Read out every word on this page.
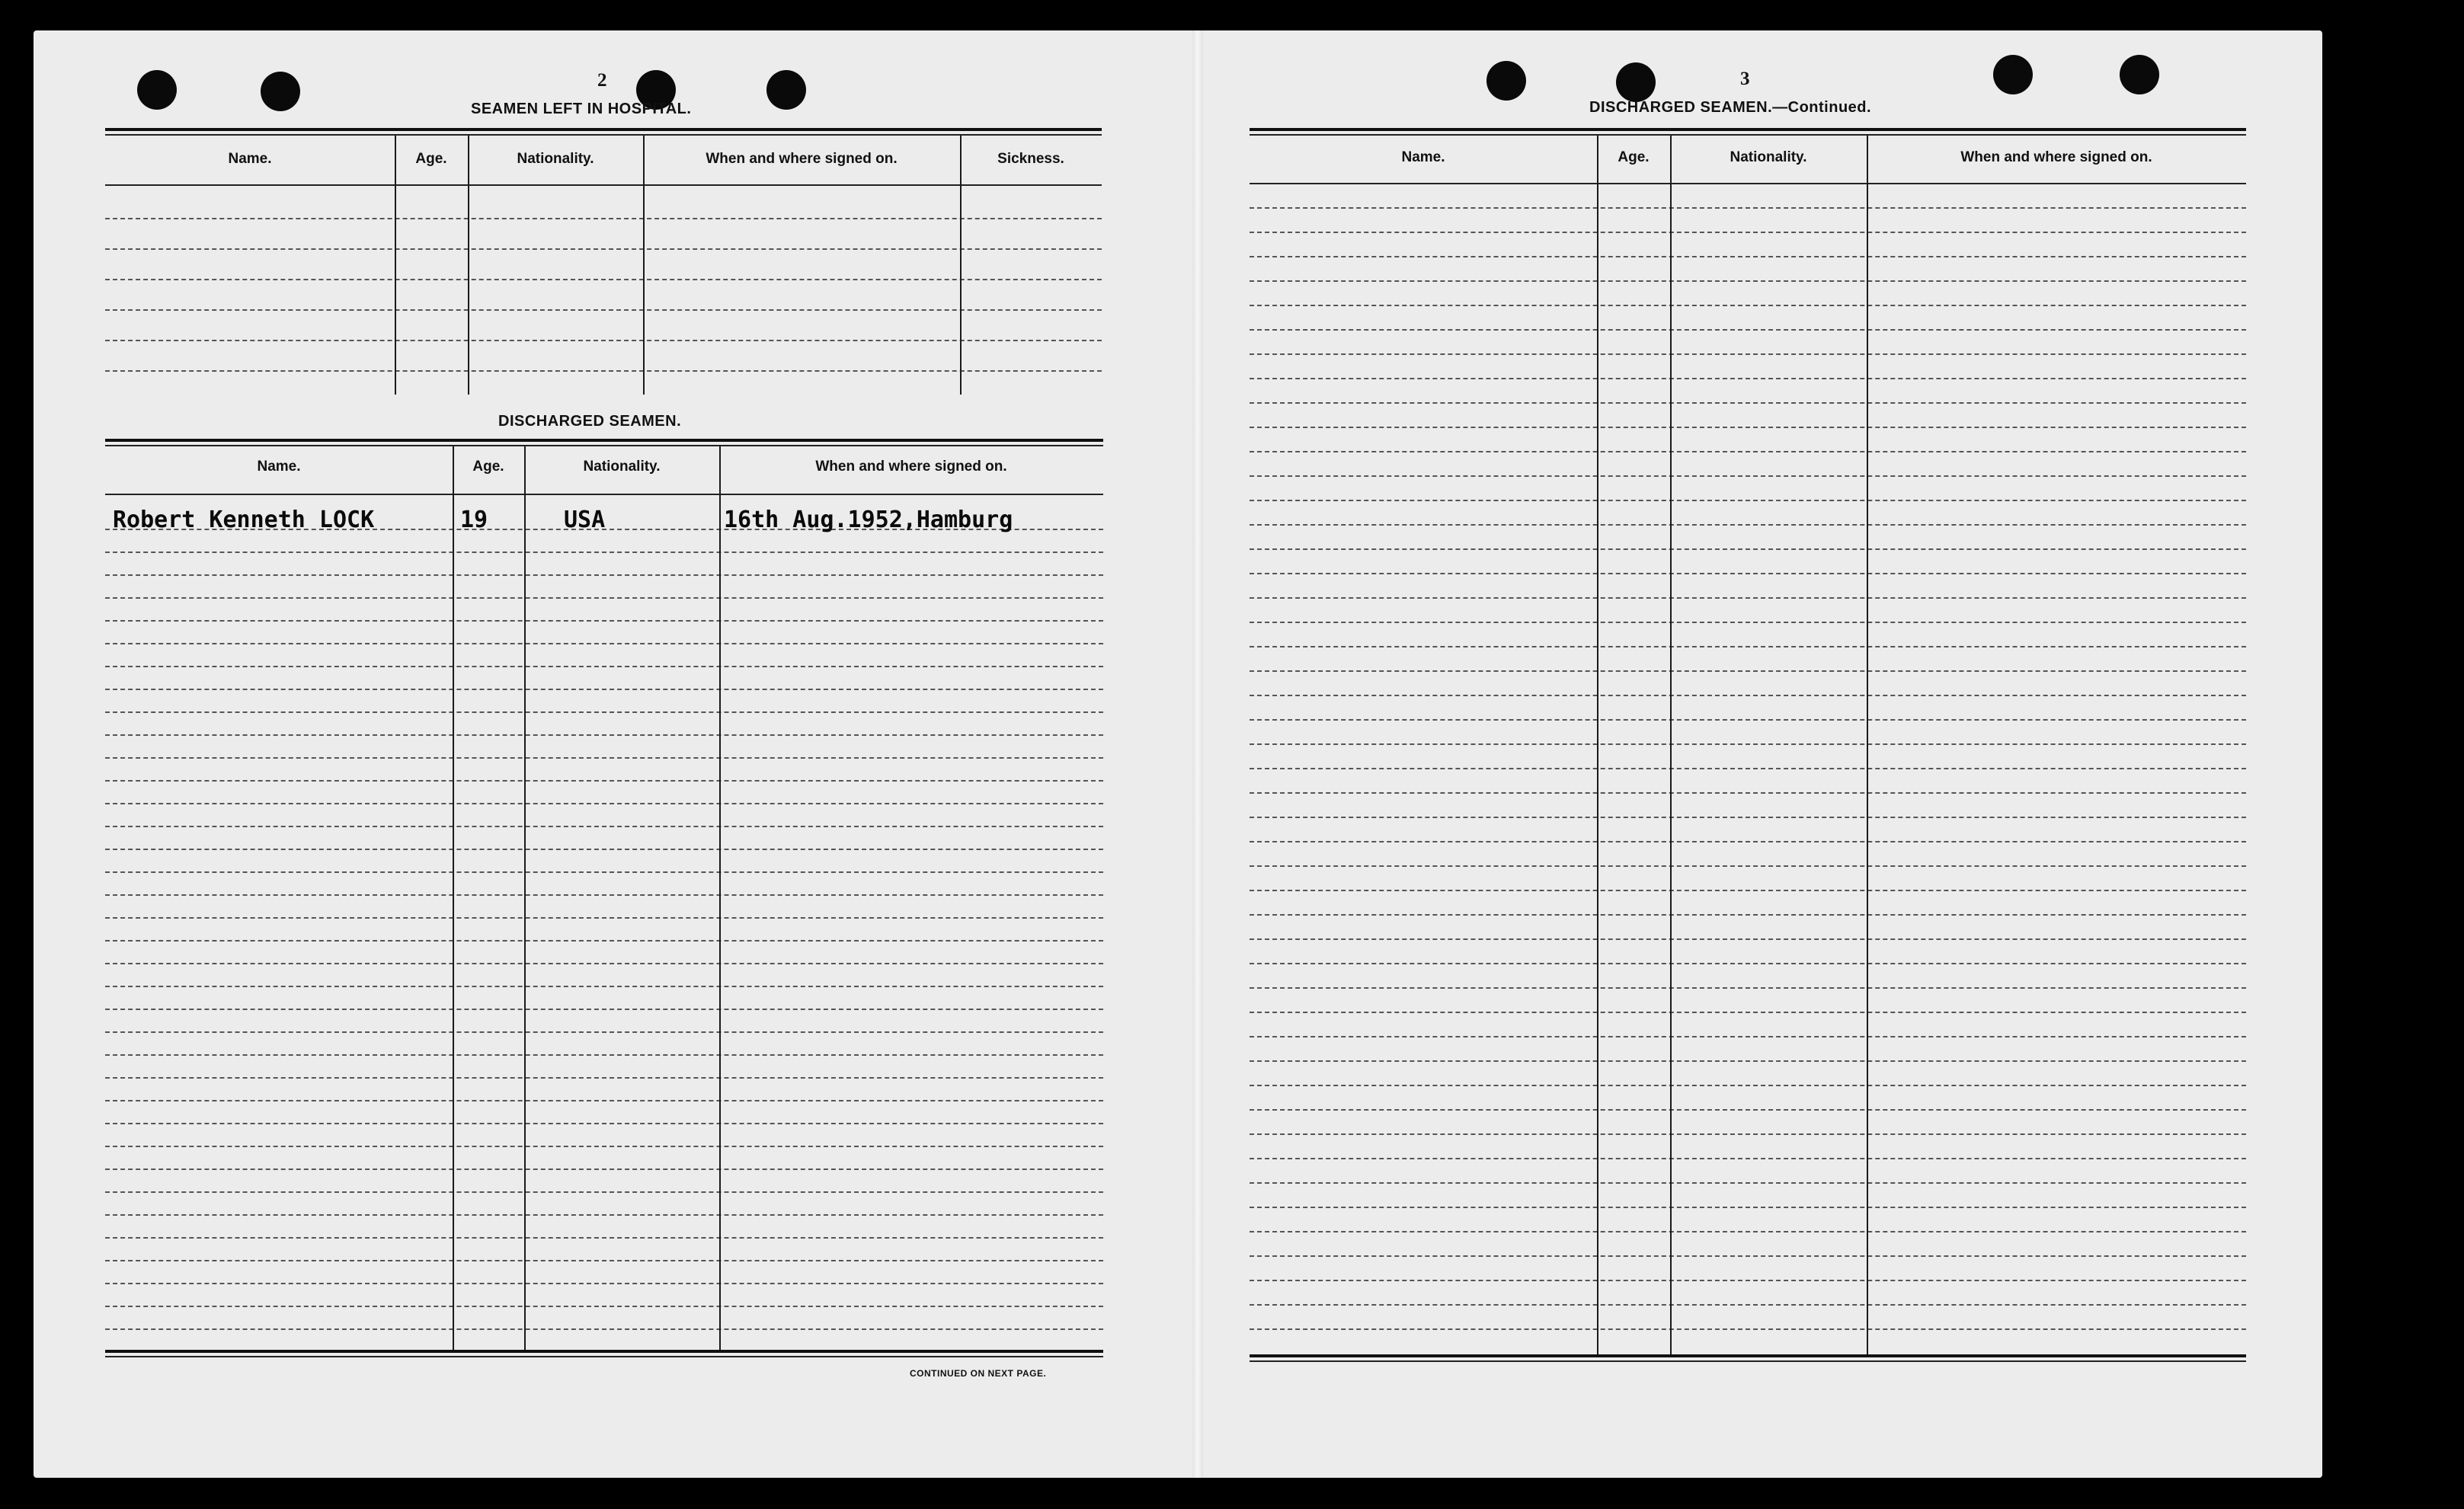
2
SEAMEN LEFT IN HOSPITAL.
Name.	Age.	Nationality.	When and where signed on.	Sickness.
DISCHARGED SEAMEN.
Name.	Age.	Nationality.	When and where signed on.
Robert Kenneth LOCK	19	USA	16th Aug.1952,Hamburg
CONTINUED ON NEXT PAGE.
3
DISCHARGED SEAMEN.—Continued.
Name.	Age.	Nationality.	When and where signed on.
